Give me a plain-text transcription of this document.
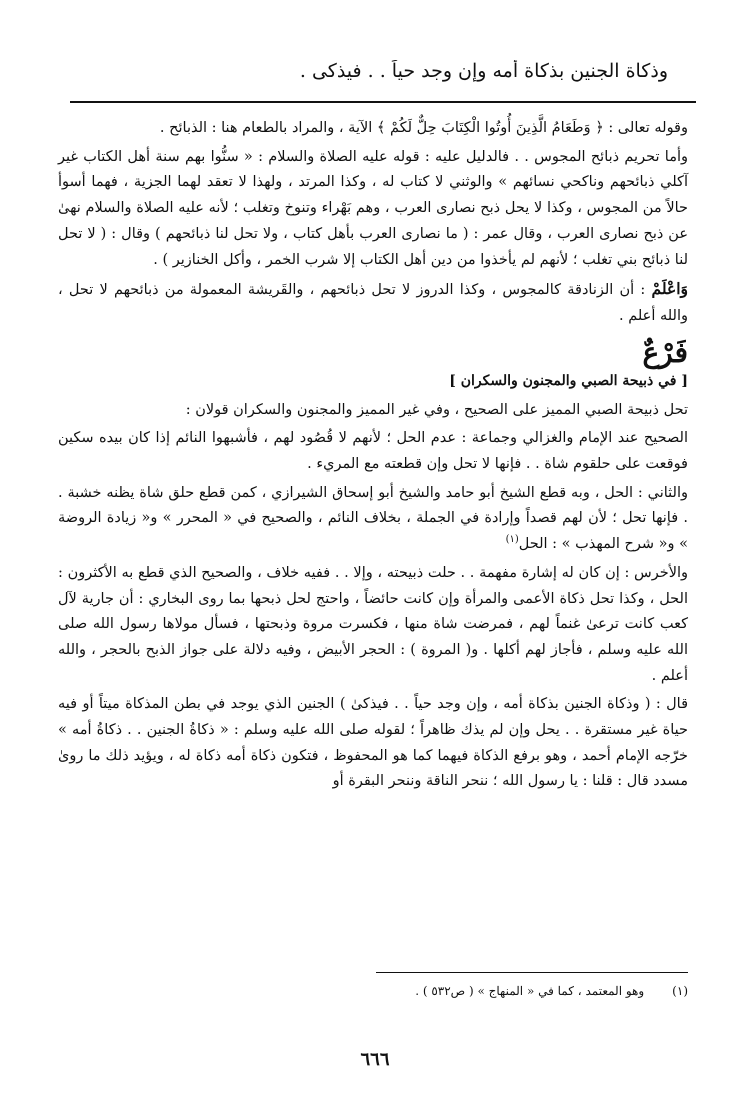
وذكاة الجنين بذكاة أمه وإن وجد حياً . . فيذكى .

وقوله تعالى : ﴿ وَطَعَامُ الَّذِينَ أُوتُوا الْكِتَابَ حِلٌّ لَكُمْ ﴾ الآية ، والمراد بالطعام هنا : الذبائح .

وأما تحريم ذبائح المجوس . . فالدليل عليه : قوله عليه الصلاة والسلام : « سنُّوا بهم سنة أهل الكتاب غير آكلي ذبائحهم وناكحي نسائهم » والوثني لا كتاب له ، وكذا المرتد ، ولهذا لا تعقد لهما الجزية ، فهما أسوأ حالاً من المجوس ، وكذا لا يحل ذبح نصارى العرب ، وهم بَهْراء وتنوخ وتغلب ؛ لأنه عليه الصلاة والسلام نهىٰ عن ذبح نصارى العرب ، وقال عمر : ( ما نصارى العرب بأهل كتاب ، ولا تحل لنا ذبائحهم ) وقال : ( لا تحل لنا ذبائح بني تغلب ؛ لأنهم لم يأخذوا من دين أهل الكتاب إلا شرب الخمر ، وأكل الخنازير ) .

وَاعْلَمْ : أن الزنادقة كالمجوس ، وكذا الدروز لا تحل ذبائحهم ، والقَريشة المعمولة من ذبائحهم لا تحل ، والله أعلم .

فَرْعٌ
[ في ذبيحة الصبي والمجنون والسكران ]

تحل ذبيحة الصبي المميز على الصحيح ، وفي غير المميز والمجنون والسكران قولان :

الصحيح عند الإمام والغزالي وجماعة : عدم الحل ؛ لأنهم لا قُصُود لهم ، فأشبهوا النائم إذا كان بيده سكين فوقعت على حلقوم شاة . . فإنها لا تحل وإن قطعته مع المريء .

والثاني : الحل ، وبه قطع الشيخ أبو حامد والشيخ أبو إسحاق الشيرازي ، كمن قطع حلق شاة يظنه خشبة . . فإنها تحل ؛ لأن لهم قصداً وإرادة في الجملة ، بخلاف النائم ، والصحيح في « المحرر » و« زيادة الروضة » و« شرح المهذب » : الحل$^{(١)}$

والأخرس : إن كان له إشارة مفهمة . . حلت ذبيحته ، وإلا . . ففيه خلاف ، والصحيح الذي قطع به الأكثرون : الحل ، وكذا تحل ذكاة الأعمى والمرأة وإن كانت حائضاً ، واحتج لحل ذبحها بما روى البخاري : أن جارية لآل كعب كانت ترعىٰ غنماً لهم ، فمرضت شاة منها ، فكسرت مروة وذبحتها ، فسأل مولاها رسول الله صلى الله عليه وسلم ، فأجاز لهم أكلها . و( المروة ) : الحجر الأبيض ، وفيه دلالة على جواز الذبح بالحجر ، والله أعلم .

قال : ( وذكاة الجنين بذكاة أمه ، وإن وجد حياً . . فيذكىٰ ) الجنين الذي يوجد في بطن المذكاة ميتاً أو فيه حياة غير مستقرة . . يحل وإن لم يذك ظاهراً ؛ لقوله صلى الله عليه وسلم : « ذكاةُ الجنين . . ذكاةُ أمه » خرّجه الإمام أحمد ، وهو برفع الذكاة فيهما كما هو المحفوظ ، فتكون ذكاة أمه ذكاة له ، ويؤيد ذلك ما روىٰ مسدد قال : قلنا : يا رسول الله ؛ ننحر الناقة وننحر البقرة أو

(١)وهو المعتمد ، كما في « المنهاج » ( ص٥٣٢ ) .
٦٦٦
